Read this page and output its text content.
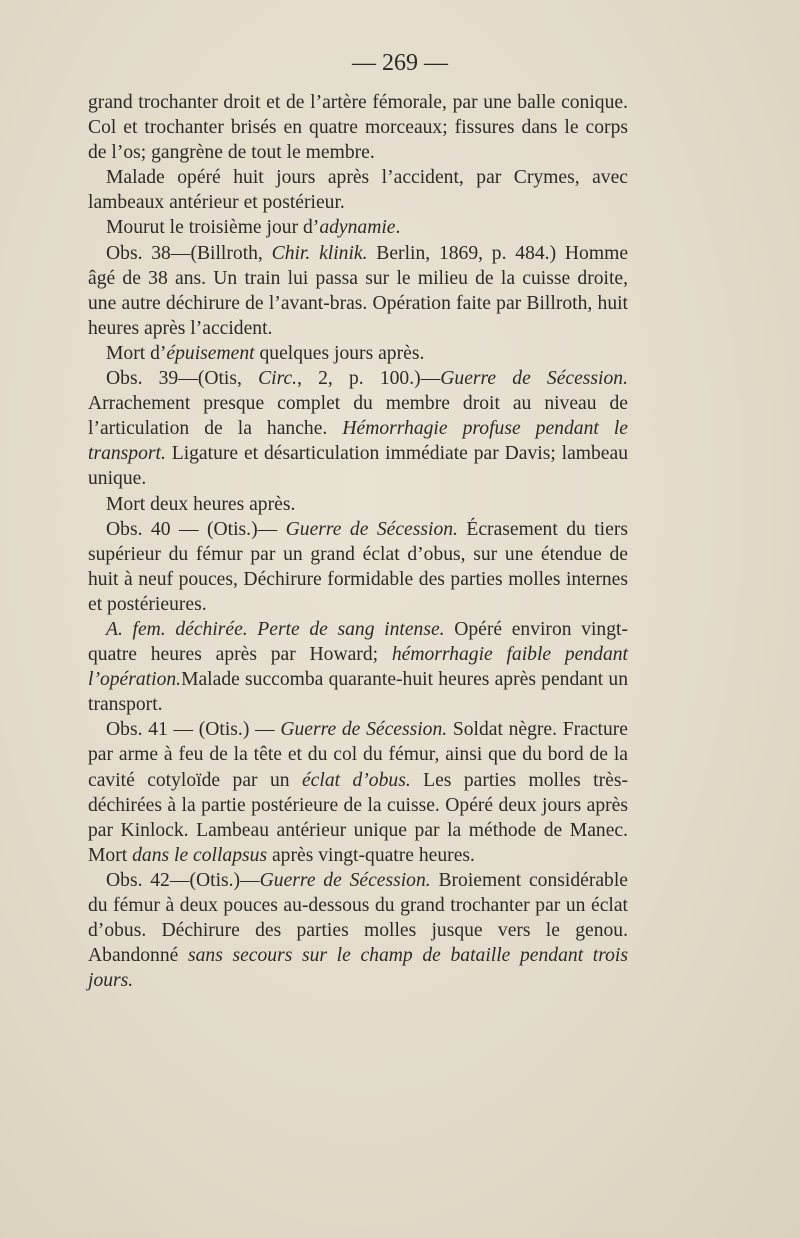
— 269 —

grand trochanter droit et de l’artère fémorale, par une balle conique. Col et trochanter brisés en quatre morceaux; fissures dans le corps de l’os; gangrène de tout le membre.

Malade opéré huit jours après l’accident, par Crymes, avec lambeaux antérieur et postérieur.

Mourut le troisième jour d’adynamie.

Obs. 38—(Billroth, Chir. klinik. Berlin, 1869, p. 484.) Homme âgé de 38 ans. Un train lui passa sur le milieu de la cuisse droite, une autre déchirure de l’avant-bras. Opération faite par Billroth, huit heures après l’accident.

Mort d’épuisement quelques jours après.

Obs. 39—(Otis, Circ., 2, p. 100.)—Guerre de Sécession. Arrachement presque complet du membre droit au niveau de l’articulation de la hanche. Hémorrhagie profuse pendant le transport. Ligature et désarticulation immédiate par Davis; lambeau unique.

Mort deux heures après.

Obs. 40 — (Otis.)— Guerre de Sécession. Écrasement du tiers supérieur du fémur par un grand éclat d’obus, sur une étendue de huit à neuf pouces, Déchirure formidable des parties molles internes et postérieures.

A. fem. déchirée. Perte de sang intense. Opéré environ vingt-quatre heures après par Howard; hémorrhagie faible pendant l’opération.Malade succomba quarante-huit heures après pendant un transport.

Obs. 41 — (Otis.) — Guerre de Sécession. Soldat nègre. Fracture par arme à feu de la tête et du col du fémur, ainsi que du bord de la cavité cotyloïde par un éclat d’obus. Les parties molles très-déchirées à la partie postérieure de la cuisse. Opéré deux jours après par Kinlock. Lambeau antérieur unique par la méthode de Manec. Mort dans le collapsus après vingt-quatre heures.

Obs. 42—(Otis.)—Guerre de Sécession. Broiement considérable du fémur à deux pouces au-dessous du grand trochanter par un éclat d’obus. Déchirure des parties molles jusque vers le genou. Abandonné sans secours sur le champ de bataille pendant trois jours.
